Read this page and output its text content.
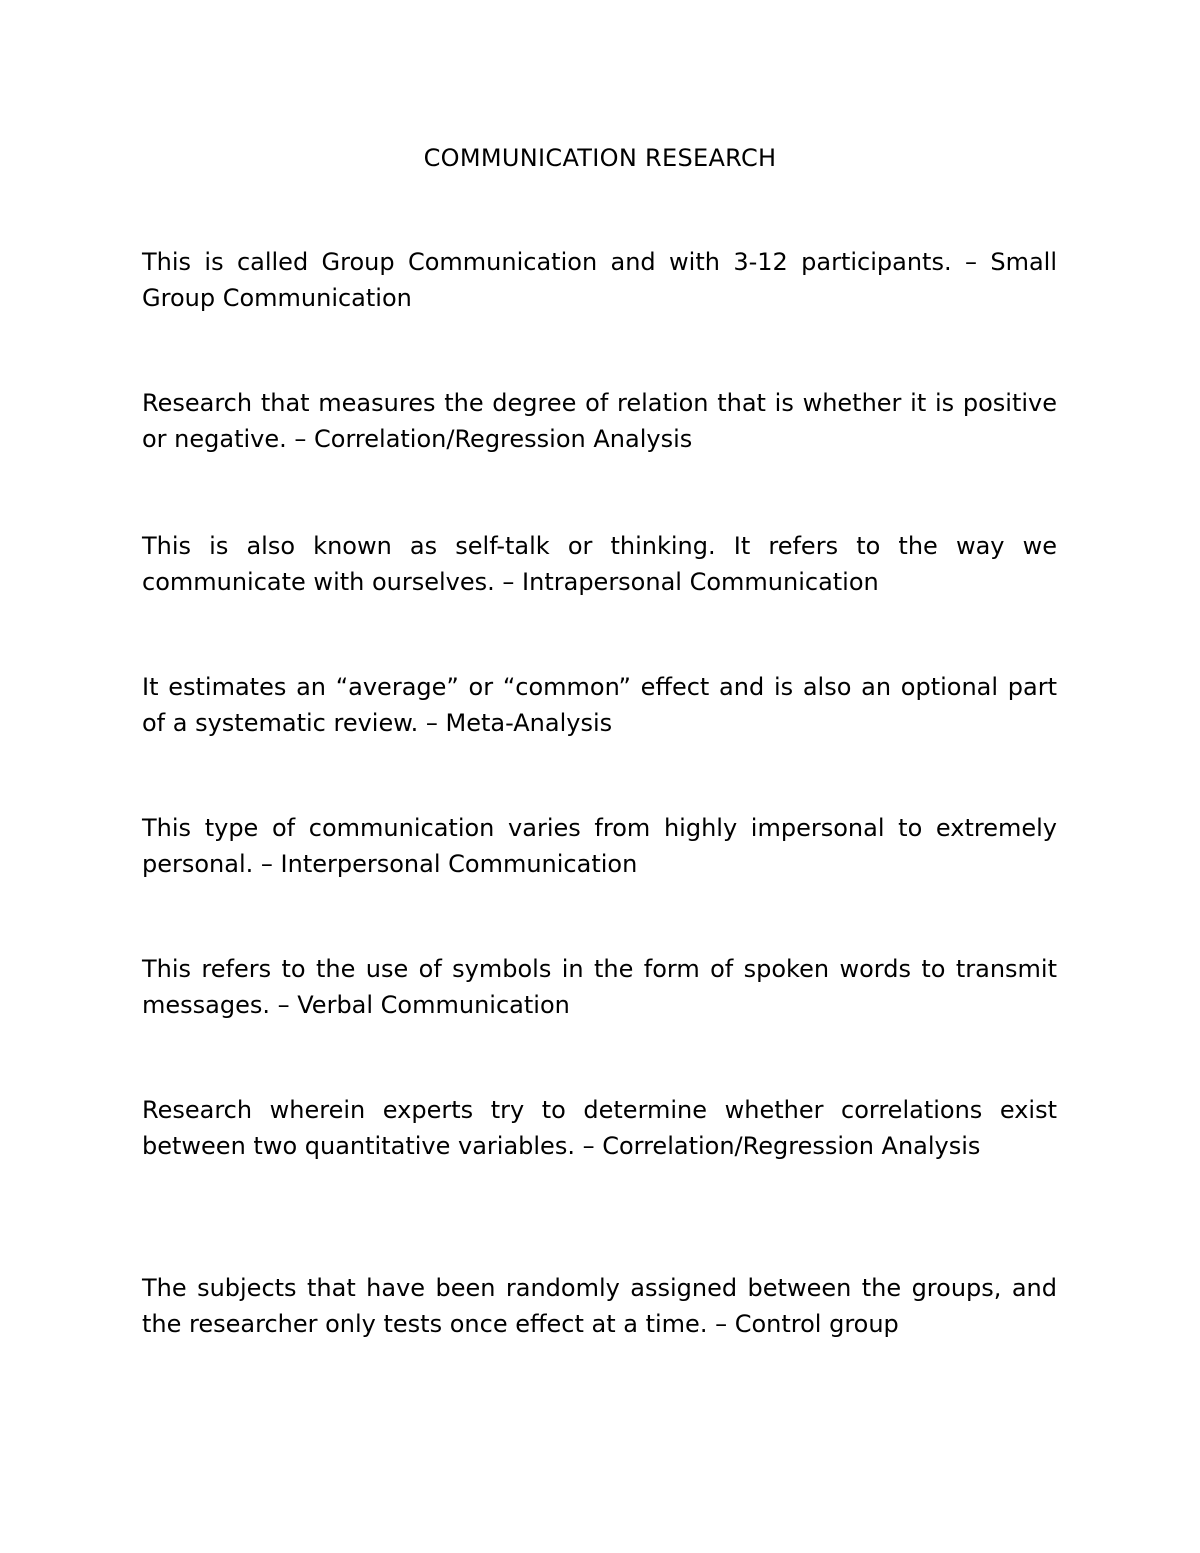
COMMUNICATION RESEARCH

This is called Group Communication and with 3-12 participants. – Small Group Communication

Research that measures the degree of relation that is whether it is positive or negative. – Correlation/Regression Analysis

This is also known as self-talk or thinking. It refers to the way we communicate with ourselves. – Intrapersonal Communication

It estimates an “average” or “common” effect and is also an optional part of a systematic review. – Meta-Analysis

This type of communication varies from highly impersonal to extremely personal. – Interpersonal Communication

This refers to the use of symbols in the form of spoken words to transmit messages. – Verbal Communication

Research wherein experts try to determine whether correlations exist between two quantitative variables. – Correlation/Regression Analysis

The subjects that have been randomly assigned between the groups, and the researcher only tests once effect at a time. – Control group
